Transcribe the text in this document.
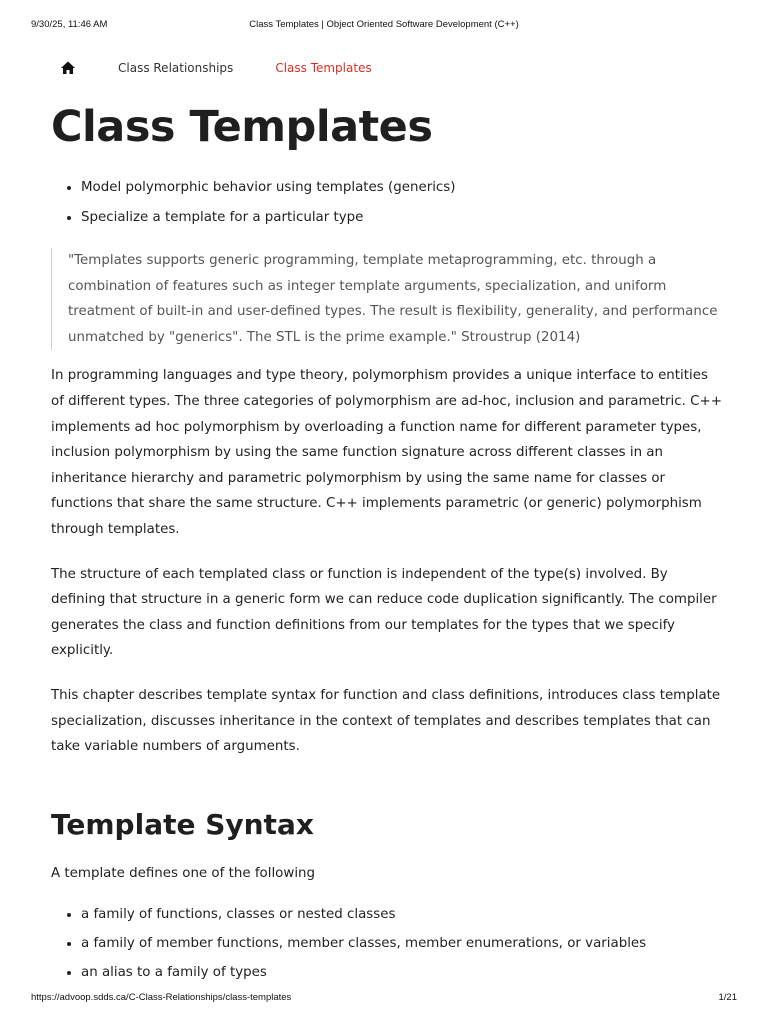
9/30/25, 11:46 AM	Class Templates | Object Oriented Software Development (C++)
Class Relationships	Class Templates
Class Templates
• Model polymorphic behavior using templates (generics)
• Specialize a template for a particular type

"Templates supports generic programming, template metaprogramming, etc. through a combination of features such as integer template arguments, specialization, and uniform treatment of built-in and user-defined types. The result is flexibility, generality, and performance unmatched by "generics". The STL is the prime example." Stroustrup (2014)

In programming languages and type theory, polymorphism provides a unique interface to entities of different types. The three categories of polymorphism are ad-hoc, inclusion and parametric. C++ implements ad hoc polymorphism by overloading a function name for different parameter types, inclusion polymorphism by using the same function signature across different classes in an inheritance hierarchy and parametric polymorphism by using the same name for classes or functions that share the same structure. C++ implements parametric (or generic) polymorphism through templates.

The structure of each templated class or function is independent of the type(s) involved. By defining that structure in a generic form we can reduce code duplication significantly. The compiler generates the class and function definitions from our templates for the types that we specify explicitly.

This chapter describes template syntax for function and class definitions, introduces class template specialization, discusses inheritance in the context of templates and describes templates that can take variable numbers of arguments.

Template Syntax

A template defines one of the following

• a family of functions, classes or nested classes
• a family of member functions, member classes, member enumerations, or variables
• an alias to a family of types
https://advoop.sdds.ca/C-Class-Relationships/class-templates	1/21
